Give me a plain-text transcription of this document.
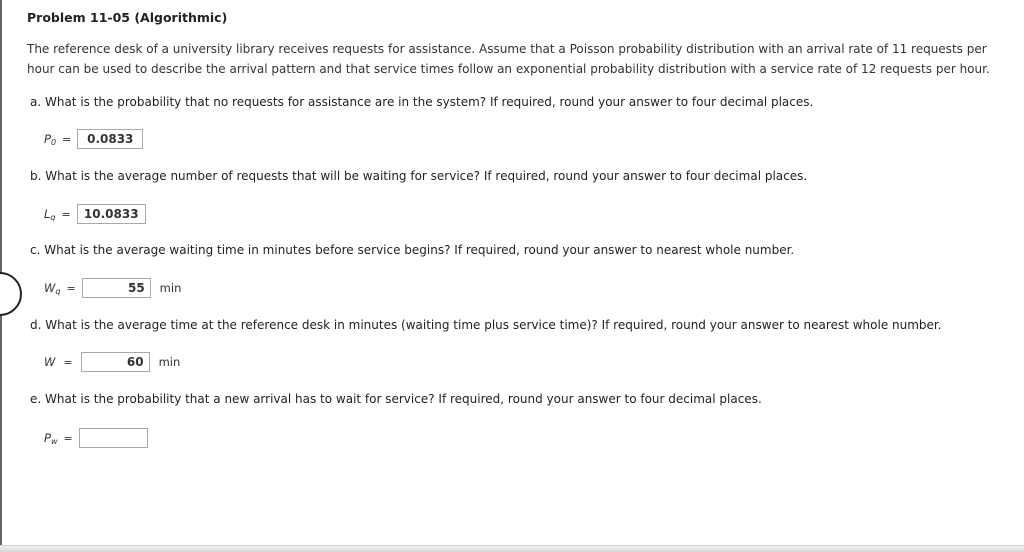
Problem 11-05 (Algorithmic)
The reference desk of a university library receives requests for assistance. Assume that a Poisson probability distribution with an arrival rate of 11 requests per hour can be used to describe the arrival pattern and that service times follow an exponential probability distribution with a service rate of 12 requests per hour.
a. What is the probability that no requests for assistance are in the system? If required, round your answer to four decimal places.
$P_0$ =	0.0833
b. What is the average number of requests that will be waiting for service? If required, round your answer to four decimal places.
$L_q$ =	10.0833
c. What is the average waiting time in minutes before service begins? If required, round your answer to nearest whole number.
$W_q$ =	55	min
d. What is the average time at the reference desk in minutes (waiting time plus service time)? If required, round your answer to nearest whole number.
W =	60	min
e. What is the probability that a new arrival has to wait for service? If required, round your answer to four decimal places.
$P_w$ =
